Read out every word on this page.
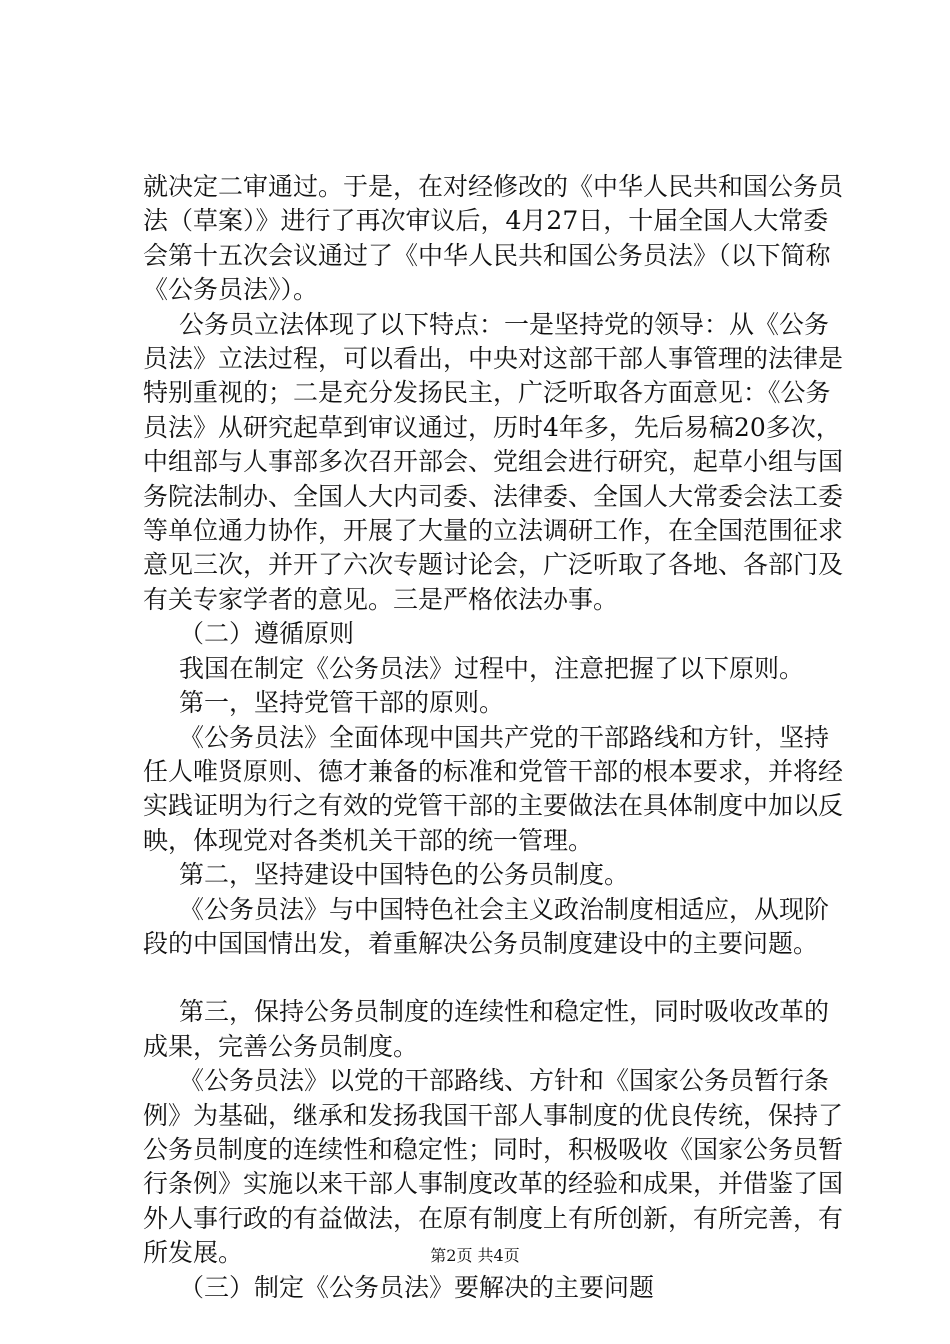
就决定二审通过。于是，在对经修改的《中华人民共和国公务员法（草案）》进行了再次审议后，4月27日，十届全国人大常委会第十五次会议通过了《中华人民共和国公务员法》（以下简称《公务员法》）。

公务员立法体现了以下特点：一是坚持党的领导：从《公务员法》立法过程，可以看出，中央对这部干部人事管理的法律是特别重视的；二是充分发扬民主，广泛听取各方面意见：《公务员法》从研究起草到审议通过，历时4年多，先后易稿20多次，中组部与人事部多次召开部会、党组会进行研究，起草小组与国务院法制办、全国人大内司委、法律委、全国人大常委会法工委等单位通力协作，开展了大量的立法调研工作，在全国范围征求意见三次，并开了六次专题讨论会，广泛听取了各地、各部门及有关专家学者的意见。三是严格依法办事。

（二）遵循原则

我国在制定《公务员法》过程中，注意把握了以下原则。

第一，坚持党管干部的原则。

《公务员法》全面体现中国共产党的干部路线和方针，坚持任人唯贤原则、德才兼备的标准和党管干部的根本要求，并将经实践证明为行之有效的党管干部的主要做法在具体制度中加以反映，体现党对各类机关干部的统一管理。

第二，坚持建设中国特色的公务员制度。

《公务员法》与中国特色社会主义政治制度相适应，从现阶段的中国国情出发，着重解决公务员制度建设中的主要问题。

第三，保持公务员制度的连续性和稳定性，同时吸收改革的成果，完善公务员制度。

《公务员法》以党的干部路线、方针和《国家公务员暂行条例》为基础，继承和发扬我国干部人事制度的优良传统，保持了公务员制度的连续性和稳定性；同时，积极吸收《国家公务员暂行条例》实施以来干部人事制度改革的经验和成果，并借鉴了国外人事行政的有益做法，在原有制度上有所创新，有所完善，有所发展。

（三）制定《公务员法》要解决的主要问题

第2页 共4页
